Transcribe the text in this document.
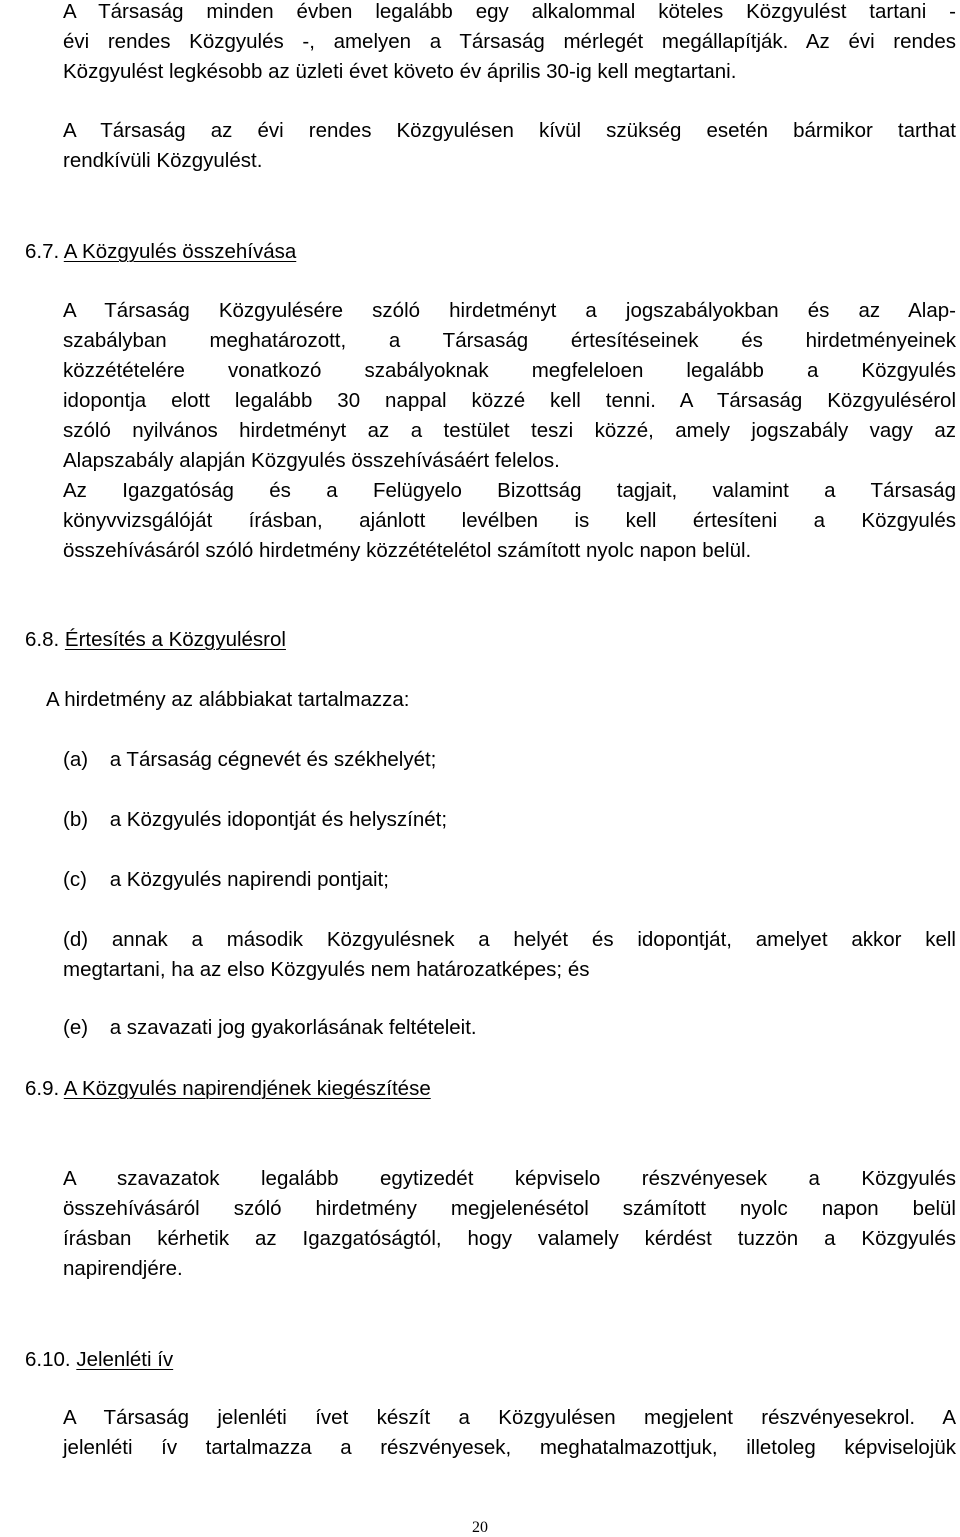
A Társaság minden évben legalább egy alkalommal köteles Közgyulést tartani -
évi rendes Közgyulés -, amelyen a Társaság mérlegét megállapítják. Az évi rendes
Közgyulést legkésobb az üzleti évet követo év április 30-ig kell megtartani.
A Társaság az évi rendes Közgyulésen kívül szükség esetén bármikor tarthat
rendkívüli Közgyulést.
6.7. A Közgyulés összehívása
A Társaság Közgyulésére szóló hirdetményt a jogszabályokban és az Alap-
szabályban meghatározott, a Társaság értesítéseinek és hirdetményeinek
közzétételére vonatkozó szabályoknak megfeleloen legalább a Közgyulés
idopontja elott legalább 30 nappal közzé kell tenni. A Társaság Közgyulésérol
szóló nyilvános hirdetményt az a testület teszi közzé, amely jogszabály vagy az
Alapszabály alapján Közgyulés összehívásáért felelos.
Az Igazgatóság és a Felügyelo Bizottság tagjait, valamint a Társaság
könyvvizsgálóját írásban, ajánlott levélben is kell értesíteni a Közgyulés
összehívásáról szóló hirdetmény közzétételétol számított nyolc napon belül.
6.8. Értesítés a Közgyulésrol
A hirdetmény az alábbiakat tartalmazza:
(a) a Társaság cégnevét és székhelyét;
(b) a Közgyulés idopontját és helyszínét;
(c) a Közgyulés napirendi pontjait;
(d) annak a második Közgyulésnek a helyét és idopontját, amelyet akkor kell
megtartani, ha az elso Közgyulés nem határozatképes; és
(e) a szavazati jog gyakorlásának feltételeit.
6.9. A Közgyulés napirendjének kiegészítése
A szavazatok legalább egytizedét képviselo részvényesek a Közgyulés
összehívásáról szóló hirdetmény megjelenésétol számított nyolc napon belül
írásban kérhetik az Igazgatóságtól, hogy valamely kérdést tuzzön a Közgyulés
napirendjére.
6.10. Jelenléti ív
A Társaság jelenléti ívet készít a Közgyulésen megjelent részvényesekrol. A
jelenléti ív tartalmazza a részvényesek, meghatalmazottjuk, illetoleg képviselojük
20
